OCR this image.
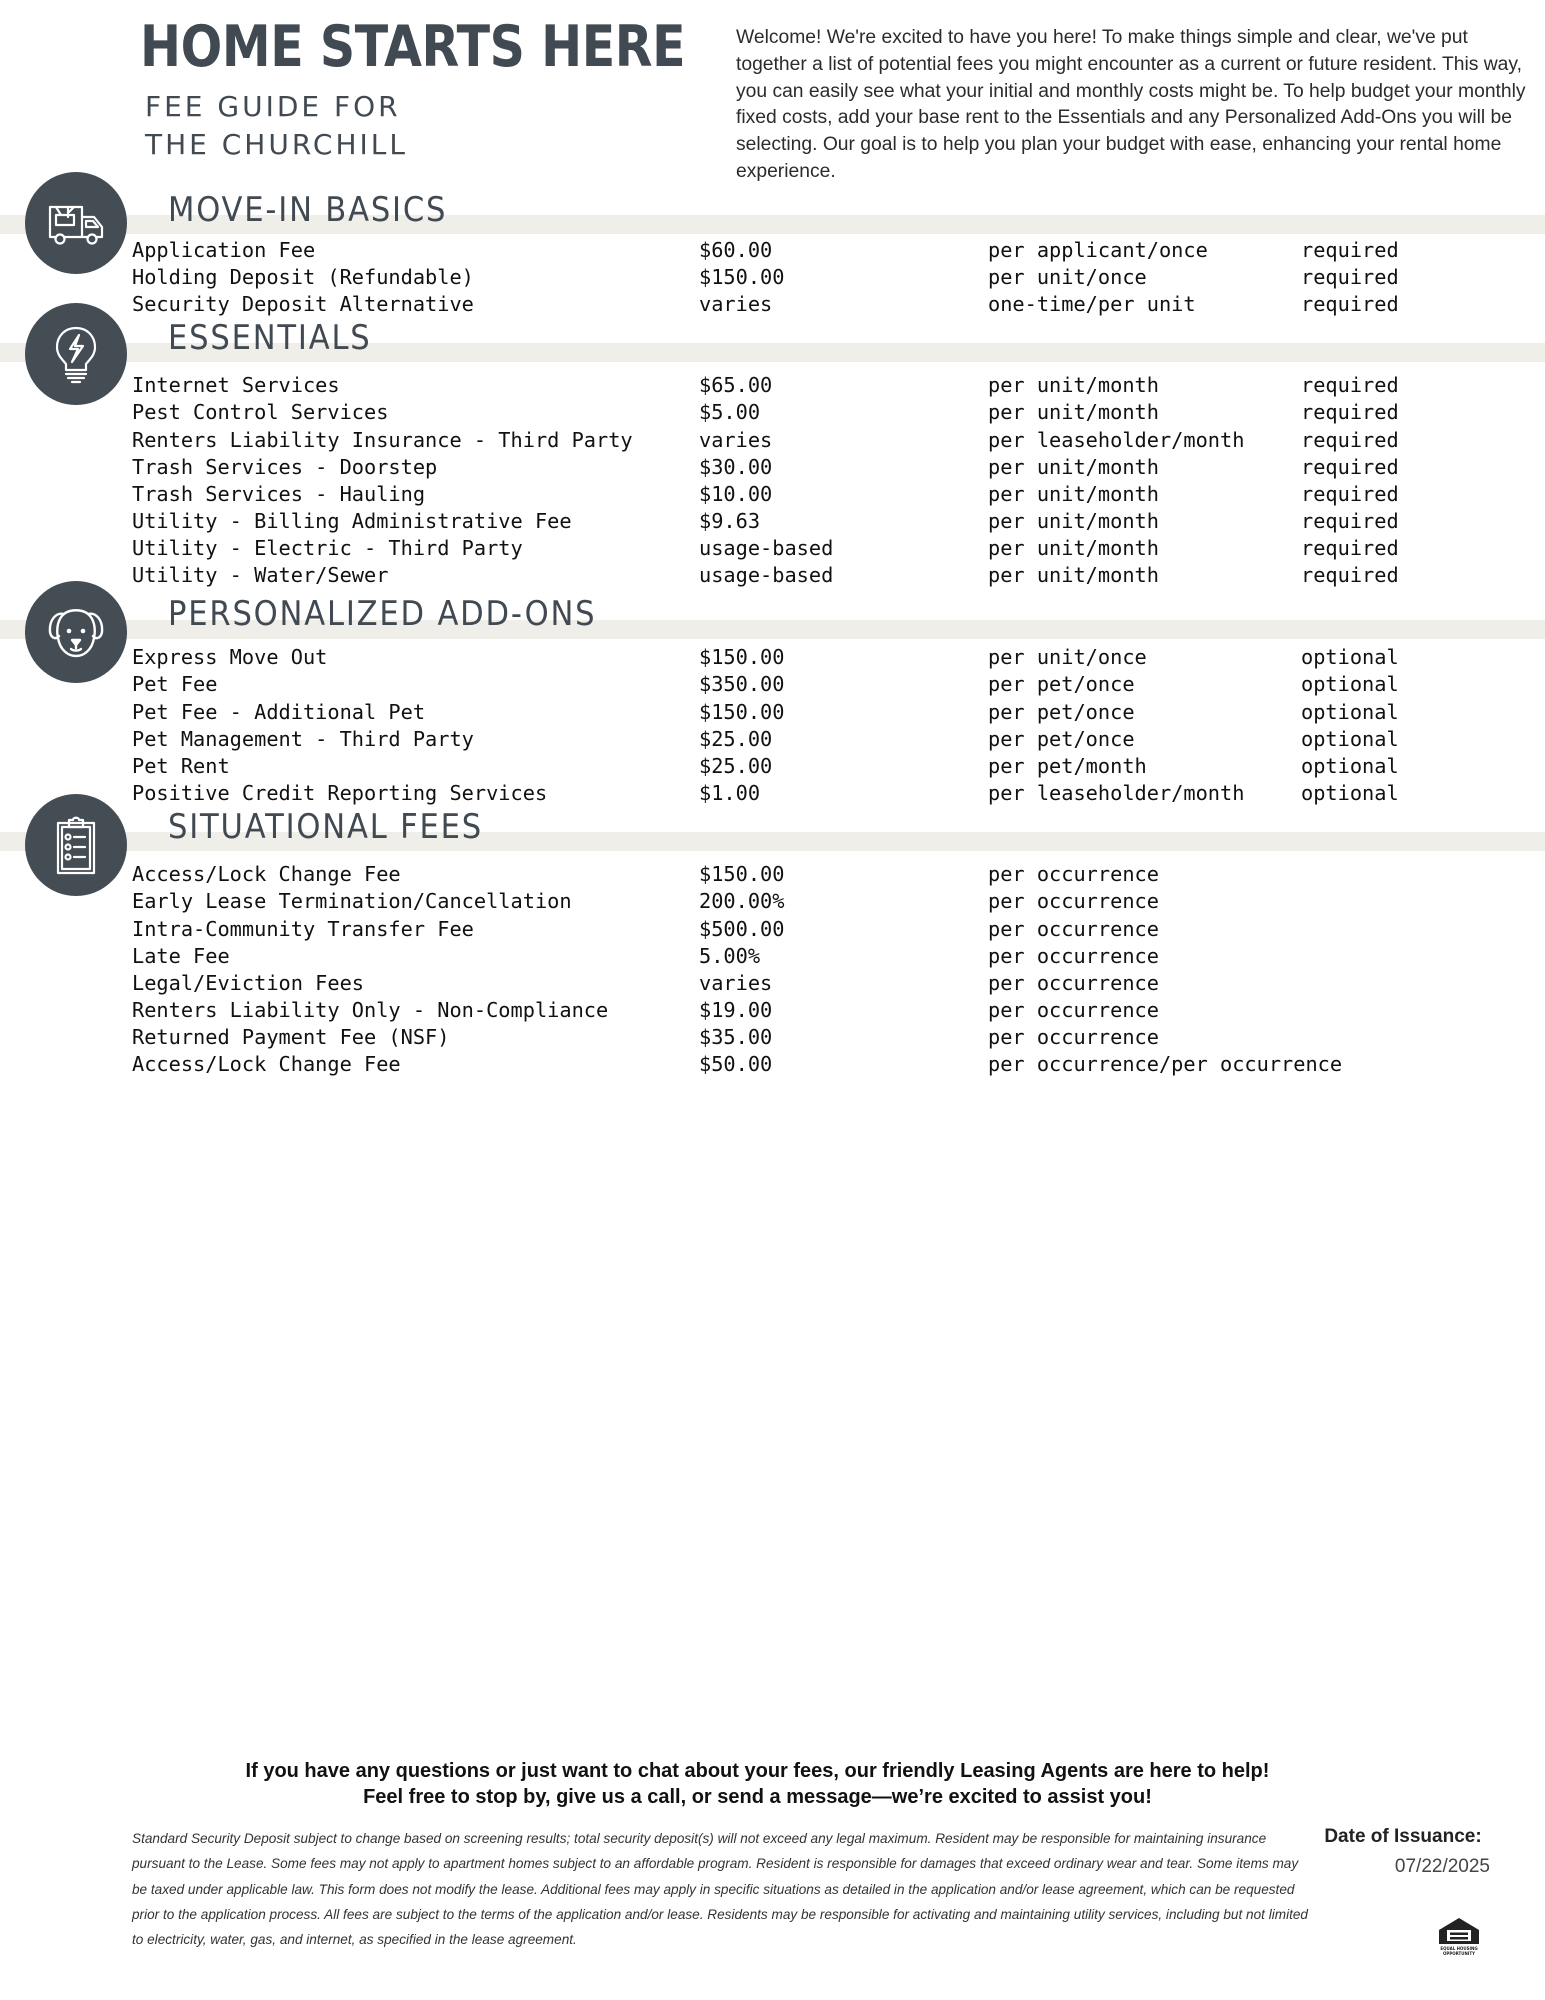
HOME STARTS HERE
FEE GUIDE FOR
THE CHURCHILL
Welcome! We're excited to have you here! To make things simple and clear, we've put together a list of potential fees you might encounter as a current or future resident. This way, you can easily see what your initial and monthly costs might be. To help budget your monthly fixed costs, add your base rent to the Essentials and any Personalized Add-Ons you will be selecting. Our goal is to help you plan your budget with ease, enhancing your rental home experience.
MOVE-IN BASICS
Application Fee	$60.00	per applicant/once	required
Holding Deposit (Refundable)	$150.00	per unit/once	required
Security Deposit Alternative	varies	one-time/per unit	required
ESSENTIALS
Internet Services	$65.00	per unit/month	required
Pest Control Services	$5.00	per unit/month	required
Renters Liability Insurance - Third Party	varies	per leaseholder/month	required
Trash Services - Doorstep	$30.00	per unit/month	required
Trash Services - Hauling	$10.00	per unit/month	required
Utility - Billing Administrative Fee	$9.63	per unit/month	required
Utility - Electric - Third Party	usage-based	per unit/month	required
Utility - Water/Sewer	usage-based	per unit/month	required
PERSONALIZED ADD-ONS
Express Move Out	$150.00	per unit/once	optional
Pet Fee	$350.00	per pet/once	optional
Pet Fee - Additional Pet	$150.00	per pet/once	optional
Pet Management - Third Party	$25.00	per pet/once	optional
Pet Rent	$25.00	per pet/month	optional
Positive Credit Reporting Services	$1.00	per leaseholder/month	optional
SITUATIONAL FEES
Access/Lock Change Fee	$150.00	per occurrence
Early Lease Termination/Cancellation	200.00%	per occurrence
Intra-Community Transfer Fee	$500.00	per occurrence
Late Fee	5.00%	per occurrence
Legal/Eviction Fees	varies	per occurrence
Renters Liability Only - Non-Compliance	$19.00	per occurrence
Returned Payment Fee (NSF)	$35.00	per occurrence
Access/Lock Change Fee	$50.00	per occurrence/per occurrence
If you have any questions or just want to chat about your fees, our friendly Leasing Agents are here to help!
Feel free to stop by, give us a call, or send a message—we’re excited to assist you!
Standard Security Deposit subject to change based on screening results; total security deposit(s) will not exceed any legal maximum. Resident may be responsible for maintaining insurance pursuant to the Lease. Some fees may not apply to apartment homes subject to an affordable program. Resident is responsible for damages that exceed ordinary wear and tear. Some items may be taxed under applicable law. This form does not modify the lease. Additional fees may apply in specific situations as detailed in the application and/or lease agreement, which can be requested prior to the application process. All fees are subject to the terms of the application and/or lease. Residents may be responsible for activating and maintaining utility services, including but not limited to electricity, water, gas, and internet, as specified in the lease agreement.
Date of Issuance:
07/22/2025
EQUAL HOUSING
OPPORTUNITY
